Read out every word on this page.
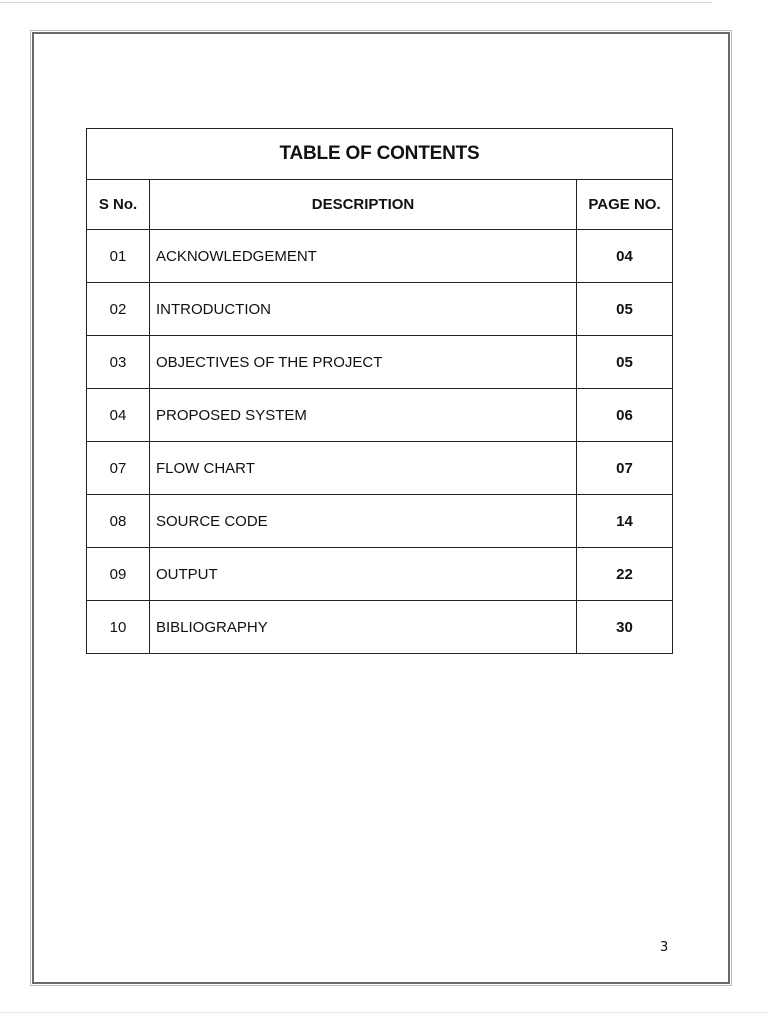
TABLE OF CONTENTS		
S No.	DESCRIPTION	PAGE NO.
01	ACKNOWLEDGEMENT	04
02	INTRODUCTION	05
03	OBJECTIVES OF THE PROJECT	05
04	PROPOSED SYSTEM	06
07	FLOW CHART	07
08	SOURCE CODE	14
09	OUTPUT	22
10	BIBLIOGRAPHY	30
3
